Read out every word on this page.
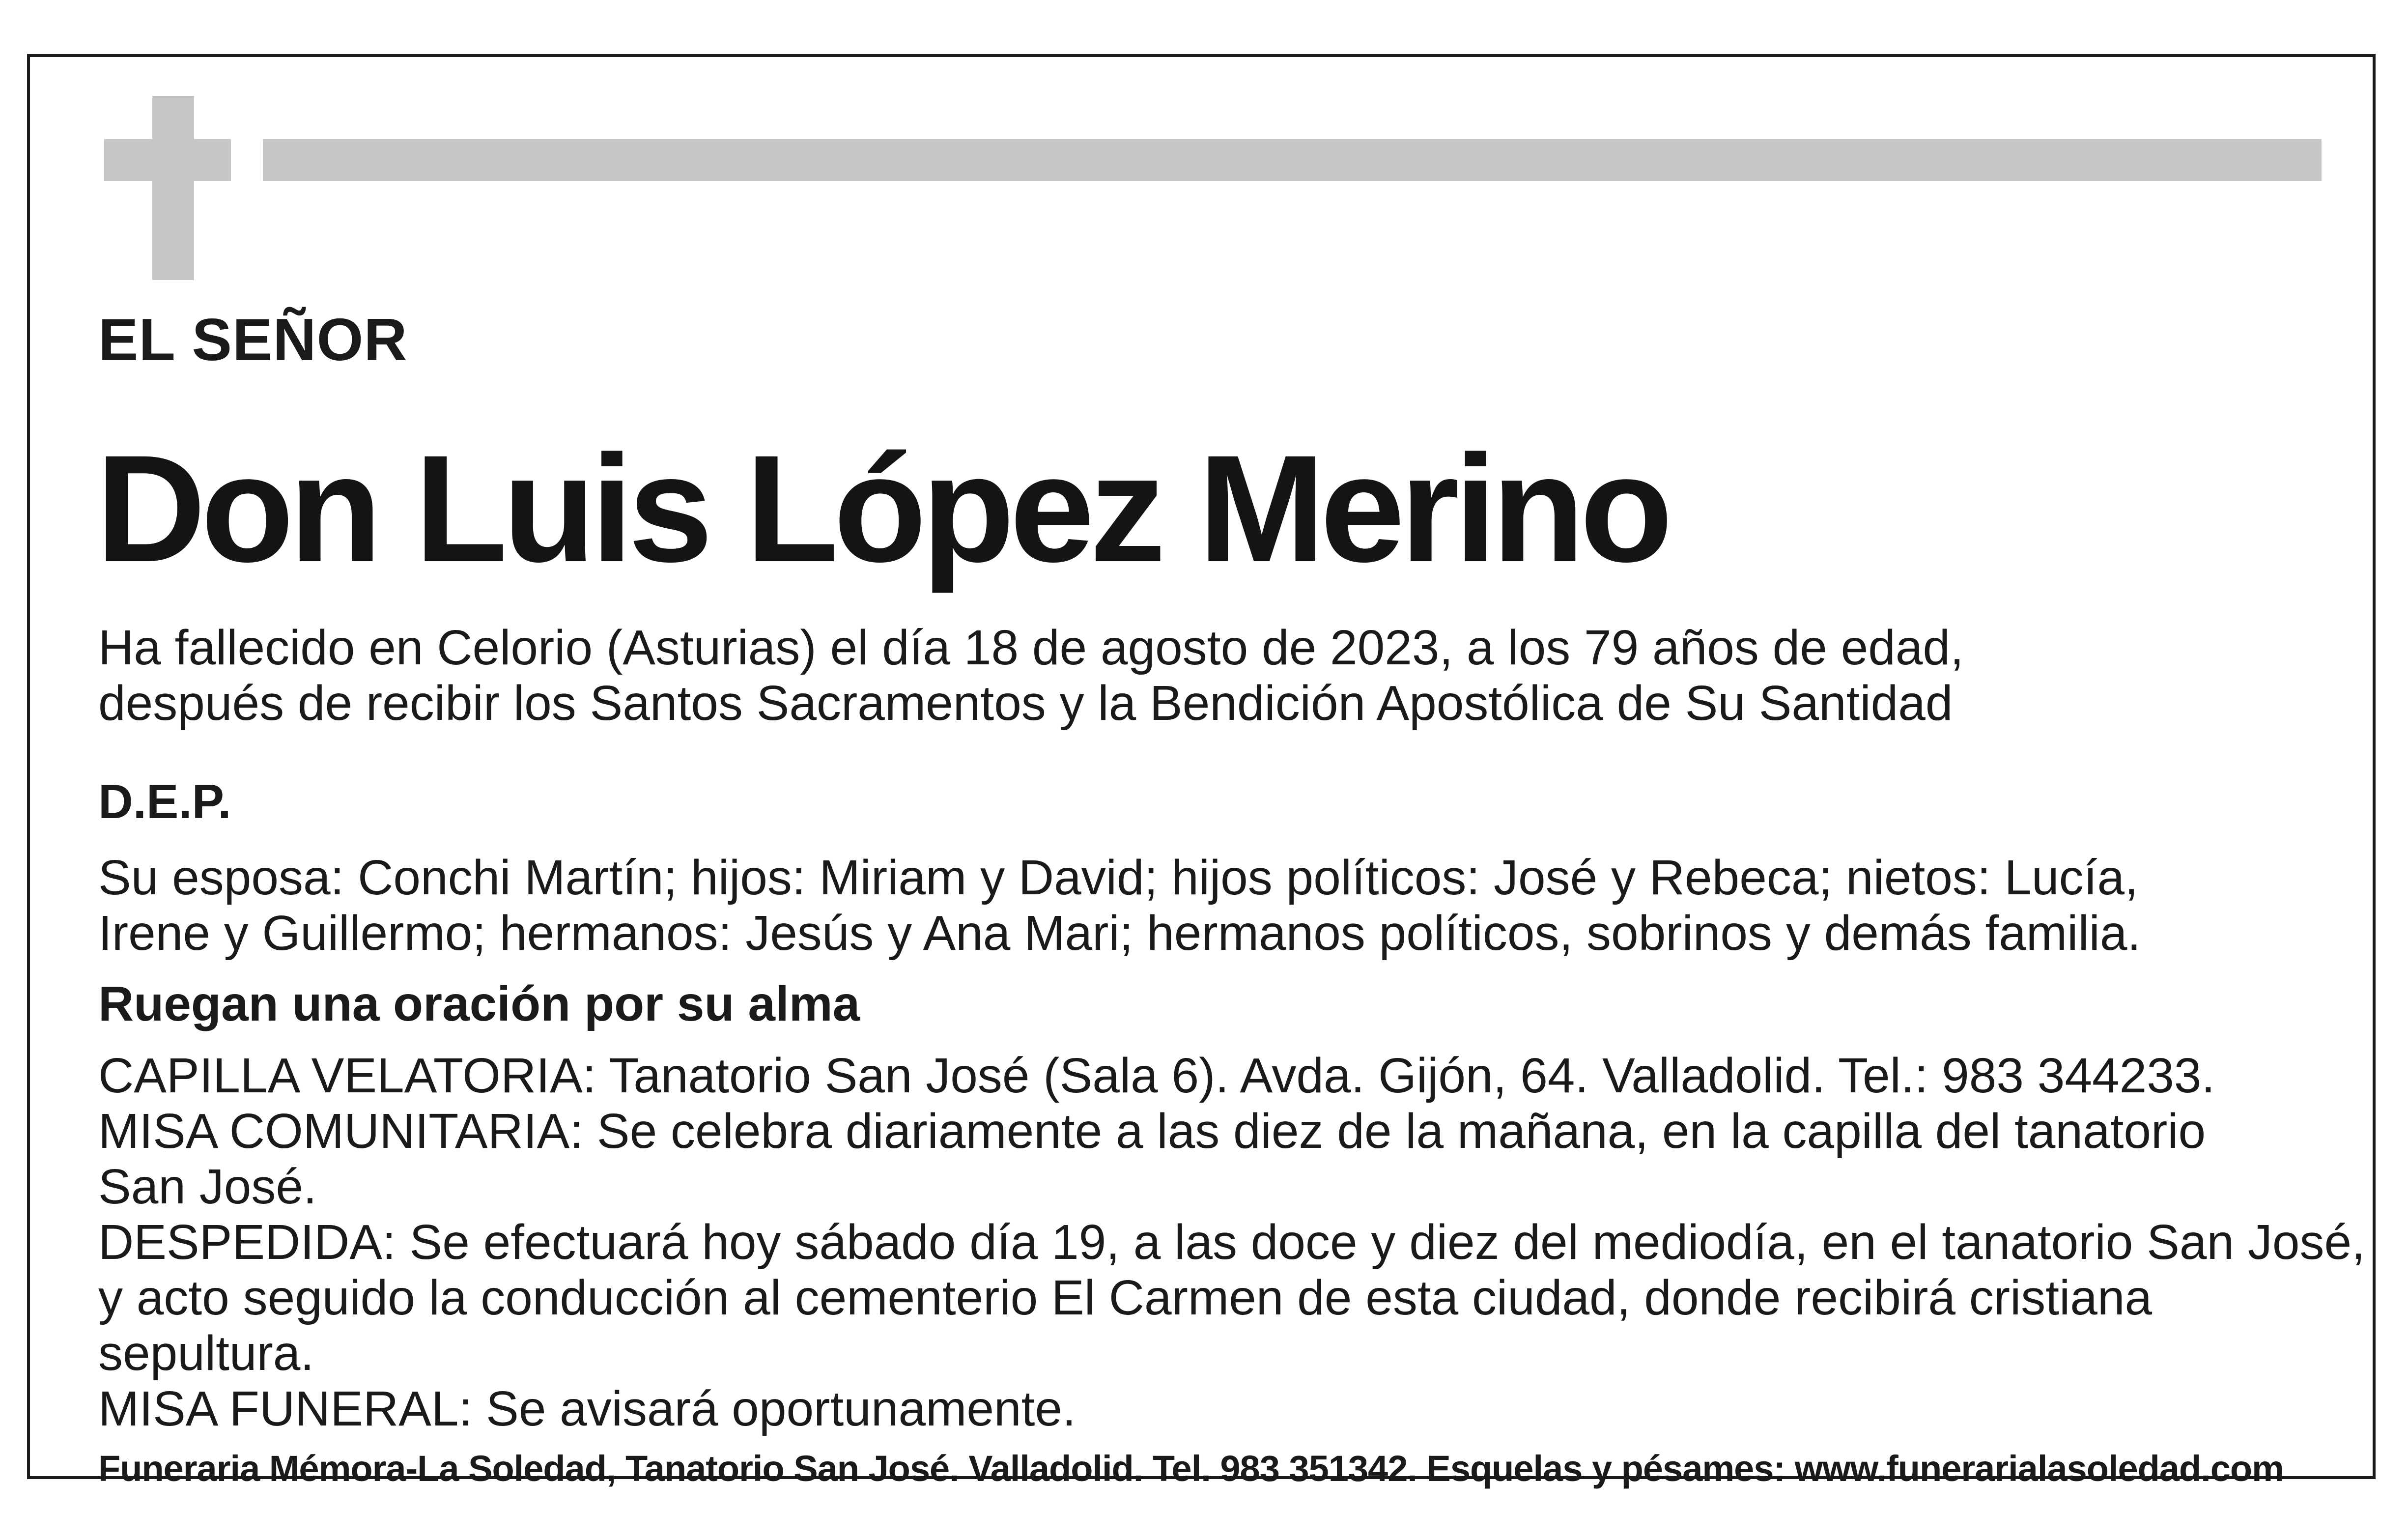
EL SEÑOR
Don Luis López Merino
Ha fallecido en Celorio (Asturias) el día 18 de agosto de 2023, a los 79 años de edad,
después de recibir los Santos Sacramentos y la Bendición Apostólica de Su Santidad
D.E.P.
Su esposa: Conchi Martín; hijos: Miriam y David; hijos políticos: José y Rebeca; nietos: Lucía,
Irene y Guillermo; hermanos: Jesús y Ana Mari; hermanos políticos, sobrinos y demás familia.
Ruegan una oración por su alma
CAPILLA VELATORIA: Tanatorio San José (Sala 6). Avda. Gijón, 64. Valladolid. Tel.: 983 344233.
MISA COMUNITARIA: Se celebra diariamente a las diez de la mañana, en la capilla del tanatorio
San José.
DESPEDIDA: Se efectuará hoy sábado día 19, a las doce y diez del mediodía, en el tanatorio San José,
y acto seguido la conducción al cementerio El Carmen de esta ciudad, donde recibirá cristiana
sepultura.
MISA FUNERAL: Se avisará oportunamente.
Funeraria Mémora-La Soledad, Tanatorio San José. Valladolid. Tel. 983 351342. Esquelas y pésames: www.funerarialasoledad.com
